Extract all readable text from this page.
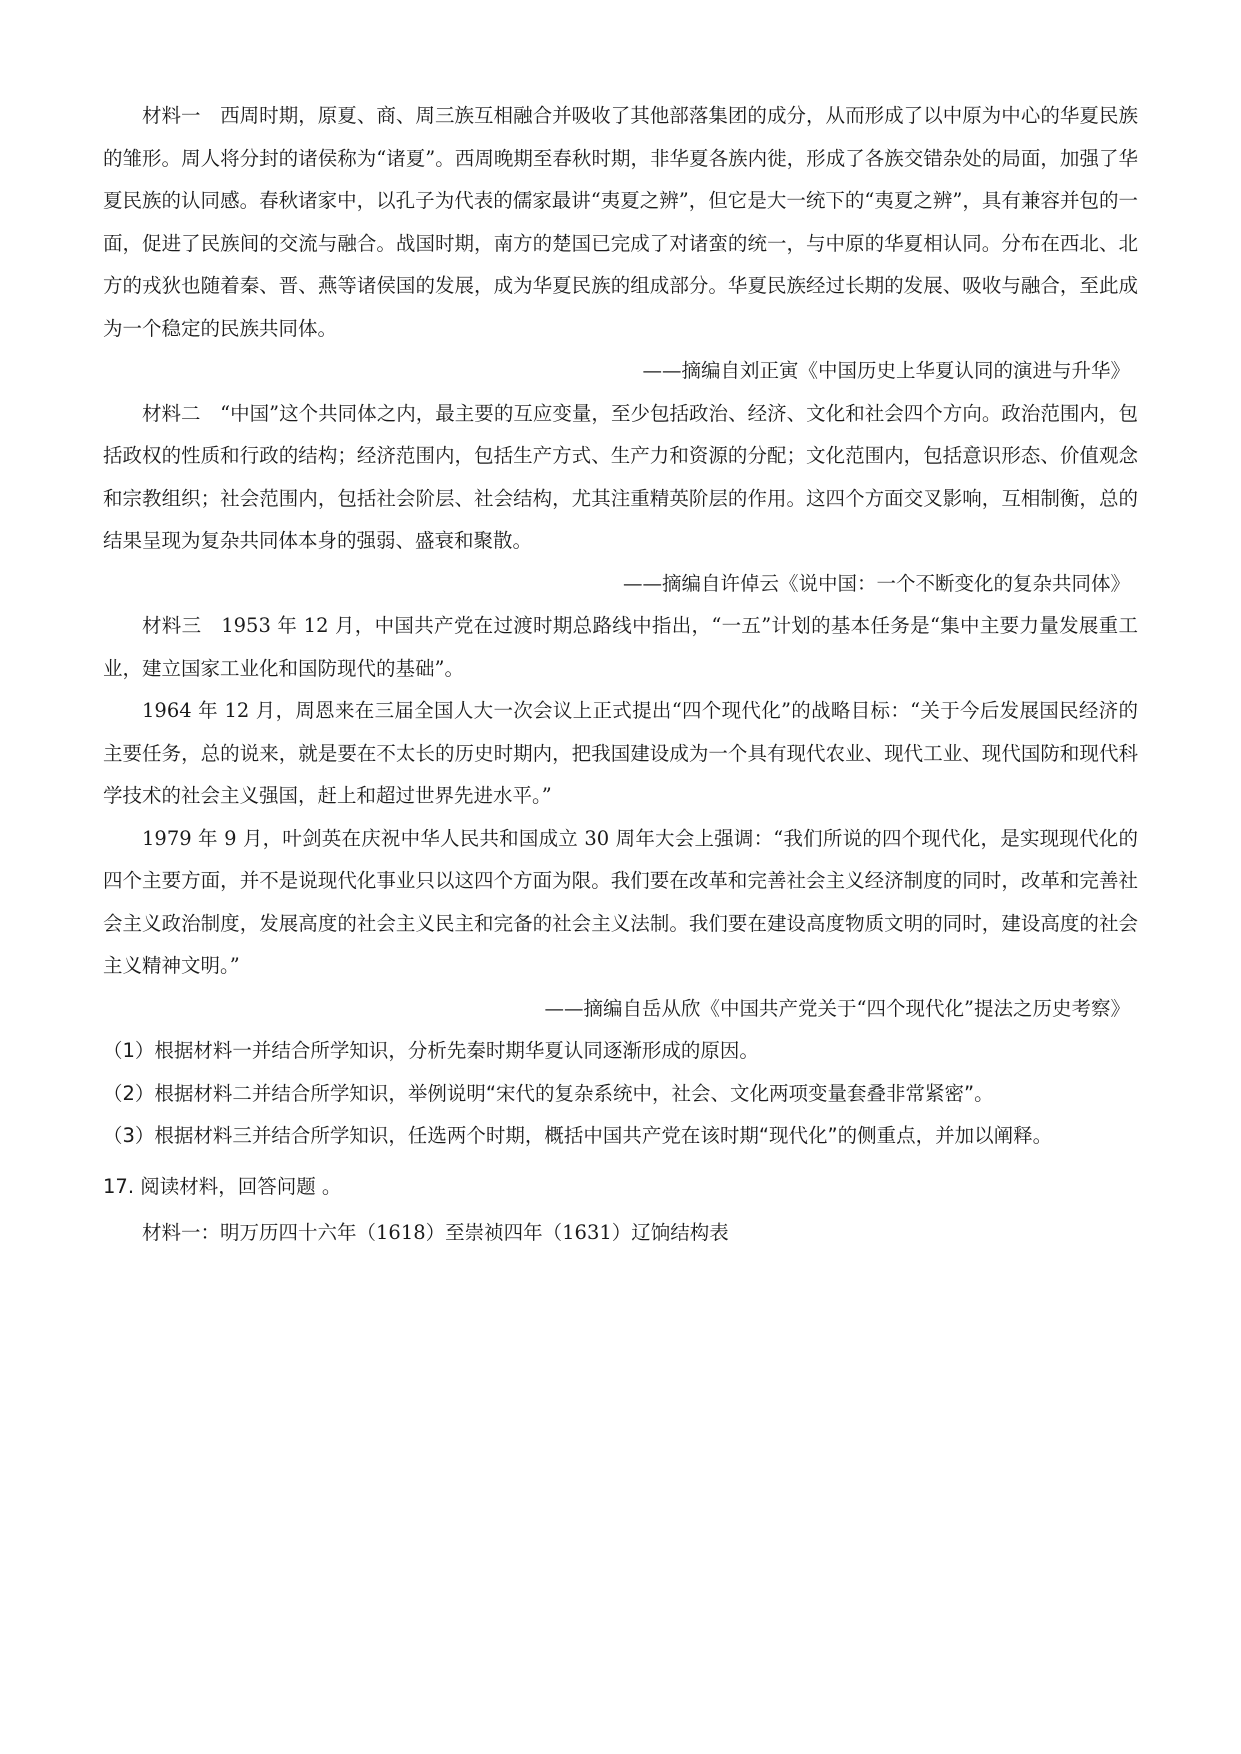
材料一　西周时期，原夏、商、周三族互相融合并吸收了其他部落集团的成分，从而形成了以中原为中心的华夏民族的雏形。周人将分封的诸侯称为“诸夏”。西周晚期至春秋时期，非华夏各族内徙，形成了各族交错杂处的局面，加强了华夏民族的认同感。春秋诸家中，以孔子为代表的儒家最讲“夷夏之辨”，但它是大一统下的“夷夏之辨”，具有兼容并包的一面，促进了民族间的交流与融合。战国时期，南方的楚国已完成了对诸蛮的统一，与中原的华夏相认同。分布在西北、北方的戎狄也随着秦、晋、燕等诸侯国的发展，成为华夏民族的组成部分。华夏民族经过长期的发展、吸收与融合，至此成为一个稳定的民族共同体。

——摘编自刘正寅《中国历史上华夏认同的演进与升华》

材料二　“中国”这个共同体之内，最主要的互应变量，至少包括政治、经济、文化和社会四个方向。政治范围内，包括政权的性质和行政的结构；经济范围内，包括生产方式、生产力和资源的分配；文化范围内，包括意识形态、价值观念和宗教组织；社会范围内，包括社会阶层、社会结构，尤其注重精英阶层的作用。这四个方面交叉影响，互相制衡，总的结果呈现为复杂共同体本身的强弱、盛衰和聚散。

——摘编自许倬云《说中国：一个不断变化的复杂共同体》

材料三　1953 年 12 月，中国共产党在过渡时期总路线中指出，“一五”计划的基本任务是“集中主要力量发展重工业，建立国家工业化和国防现代的基础”。

1964 年 12 月，周恩来在三届全国人大一次会议上正式提出“四个现代化”的战略目标：“关于今后发展国民经济的主要任务，总的说来，就是要在不太长的历史时期内，把我国建设成为一个具有现代农业、现代工业、现代国防和现代科学技术的社会主义强国，赶上和超过世界先进水平。”

1979 年 9 月，叶剑英在庆祝中华人民共和国成立 30 周年大会上强调：“我们所说的四个现代化，是实现现代化的四个主要方面，并不是说现代化事业只以这四个方面为限。我们要在改革和完善社会主义经济制度的同时，改革和完善社会主义政治制度，发展高度的社会主义民主和完备的社会主义法制。我们要在建设高度物质文明的同时，建设高度的社会主义精神文明。”

——摘编自岳从欣《中国共产党关于“四个现代化”提法之历史考察》

（1）根据材料一并结合所学知识，分析先秦时期华夏认同逐渐形成的原因。

（2）根据材料二并结合所学知识，举例说明“宋代的复杂系统中，社会、文化两项变量套叠非常紧密”。

（3）根据材料三并结合所学知识，任选两个时期，概括中国共产党在该时期“现代化”的侧重点，并加以阐释。

17. 阅读材料，回答问题 。

材料一：明万历四十六年（1618）至崇祯四年（1631）辽饷结构表
